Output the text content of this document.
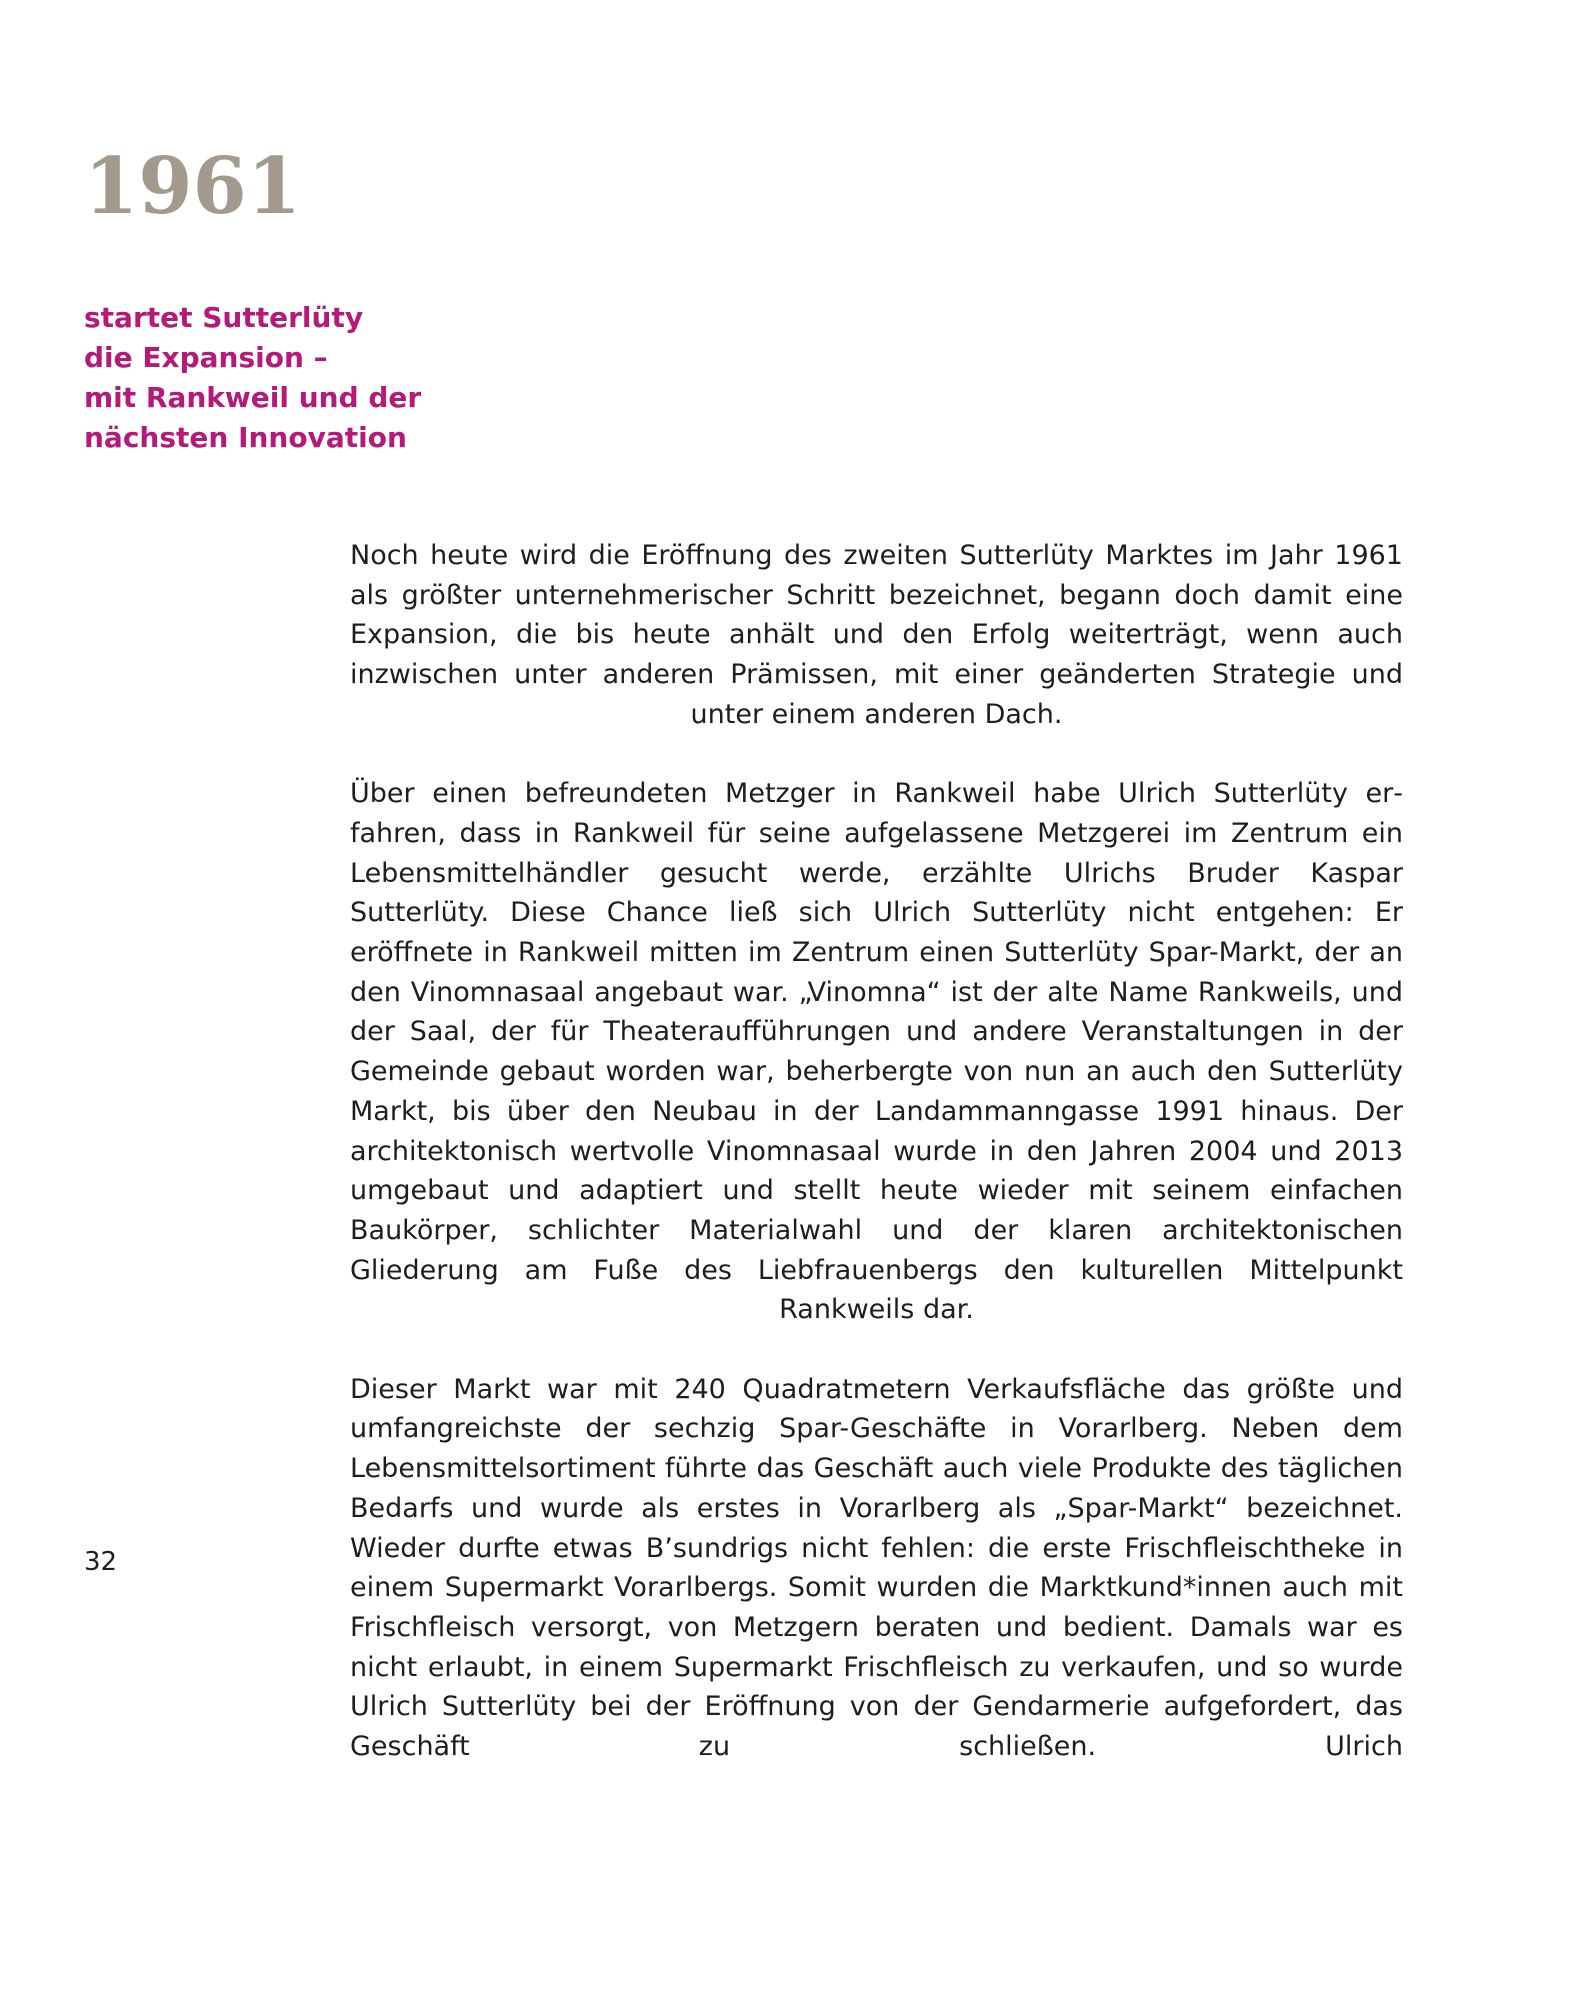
1961
startet Sutterlüty
die Expansion –
mit Rankweil und der
nächsten Innovation

Noch heute wird die Eröffnung des zweiten Sutterlüty Marktes im Jahr 1961 als größter unternehmerischer Schritt bezeichnet, begann doch damit eine Expansion, die bis heute anhält und den Erfolg weiterträgt, wenn auch inzwischen unter anderen Prämissen, mit einer geänderten Strategie und unter einem anderen Dach.

Über einen befreundeten Metzger in Rankweil habe Ulrich Sutterlüty erfahren, dass in Rankweil für seine aufgelassene Metzgerei im Zentrum ein Lebensmittelhändler gesucht werde, erzählte Ulrichs Bruder Kaspar Sutterlüty. Diese Chance ließ sich Ulrich Sutterlüty nicht entgehen: Er eröffnete in Rankweil mitten im Zentrum einen Sutterlüty Spar-Markt, der an den Vinomnasaal angebaut war. „Vinomna“ ist der alte Name Rankweils, und der Saal, der für Theateraufführungen und andere Veranstaltungen in der Gemeinde gebaut worden war, beherbergte von nun an auch den Sutterlüty Markt, bis über den Neubau in der Landammanngasse 1991 hinaus. Der architektonisch wertvolle Vinomnasaal wurde in den Jahren 2004 und 2013 umgebaut und adaptiert und stellt heute wieder mit seinem einfachen Baukörper, schlichter Materialwahl und der klaren architektonischen Gliederung am Fuße des Liebfrauenbergs den kulturellen Mittelpunkt Rankweils dar.

Dieser Markt war mit 240 Quadratmetern Verkaufsfläche das größte und umfangreichste der sechzig Spar-Geschäfte in Vorarlberg. Neben dem Lebensmittelsortiment führte das Geschäft auch viele Produkte des täglichen Bedarfs und wurde als erstes in Vorarlberg als „Spar-Markt“ bezeichnet. Wieder durfte etwas B’sundrigs nicht fehlen: die erste Frischfleischtheke in einem Supermarkt Vorarlbergs. Somit wurden die Marktkund*innen auch mit Frischfleisch versorgt, von Metzgern beraten und bedient. Damals war es nicht erlaubt, in einem Supermarkt Frischfleisch zu verkaufen, und so wurde Ulrich Sutterlüty bei der Eröffnung von der Gendarmerie aufgefordert, das Geschäft zu schließen. Ulrich

32
